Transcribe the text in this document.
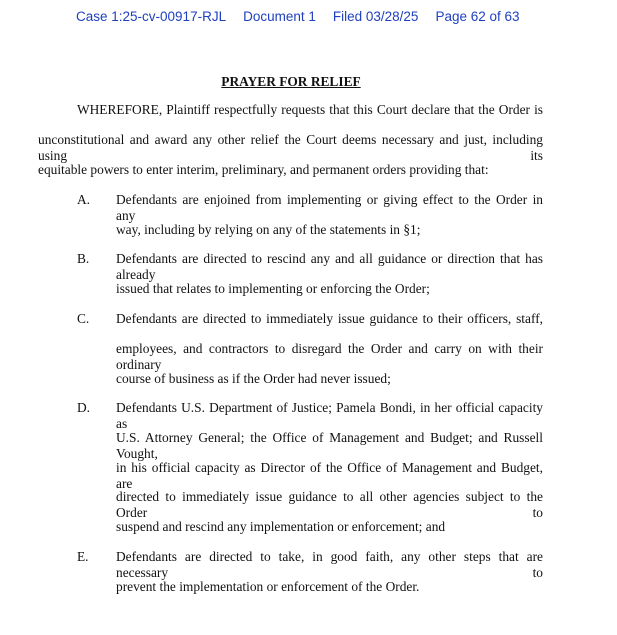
Case 1:25-cv-00917-RJL Document 1 Filed 03/28/25 Page 62 of 63
PRAYER FOR RELIEF
WHEREFORE, Plaintiff respectfully requests that this Court declare that the Order is
unconstitutional and award any other relief the Court deems necessary and just, including using its
equitable powers to enter interim, preliminary, and permanent orders providing that:
A. Defendants are enjoined from implementing or giving effect to the Order in any
way, including by relying on any of the statements in §1;
B. Defendants are directed to rescind any and all guidance or direction that has already
issued that relates to implementing or enforcing the Order;
C. Defendants are directed to immediately issue guidance to their officers, staff,
employees, and contractors to disregard the Order and carry on with their ordinary
course of business as if the Order had never issued;
D. Defendants U.S. Department of Justice; Pamela Bondi, in her official capacity as
U.S. Attorney General; the Office of Management and Budget; and Russell Vought,
in his official capacity as Director of the Office of Management and Budget, are
directed to immediately issue guidance to all other agencies subject to the Order to
suspend and rescind any implementation or enforcement; and
E. Defendants are directed to take, in good faith, any other steps that are necessary to
prevent the implementation or enforcement of the Order.
